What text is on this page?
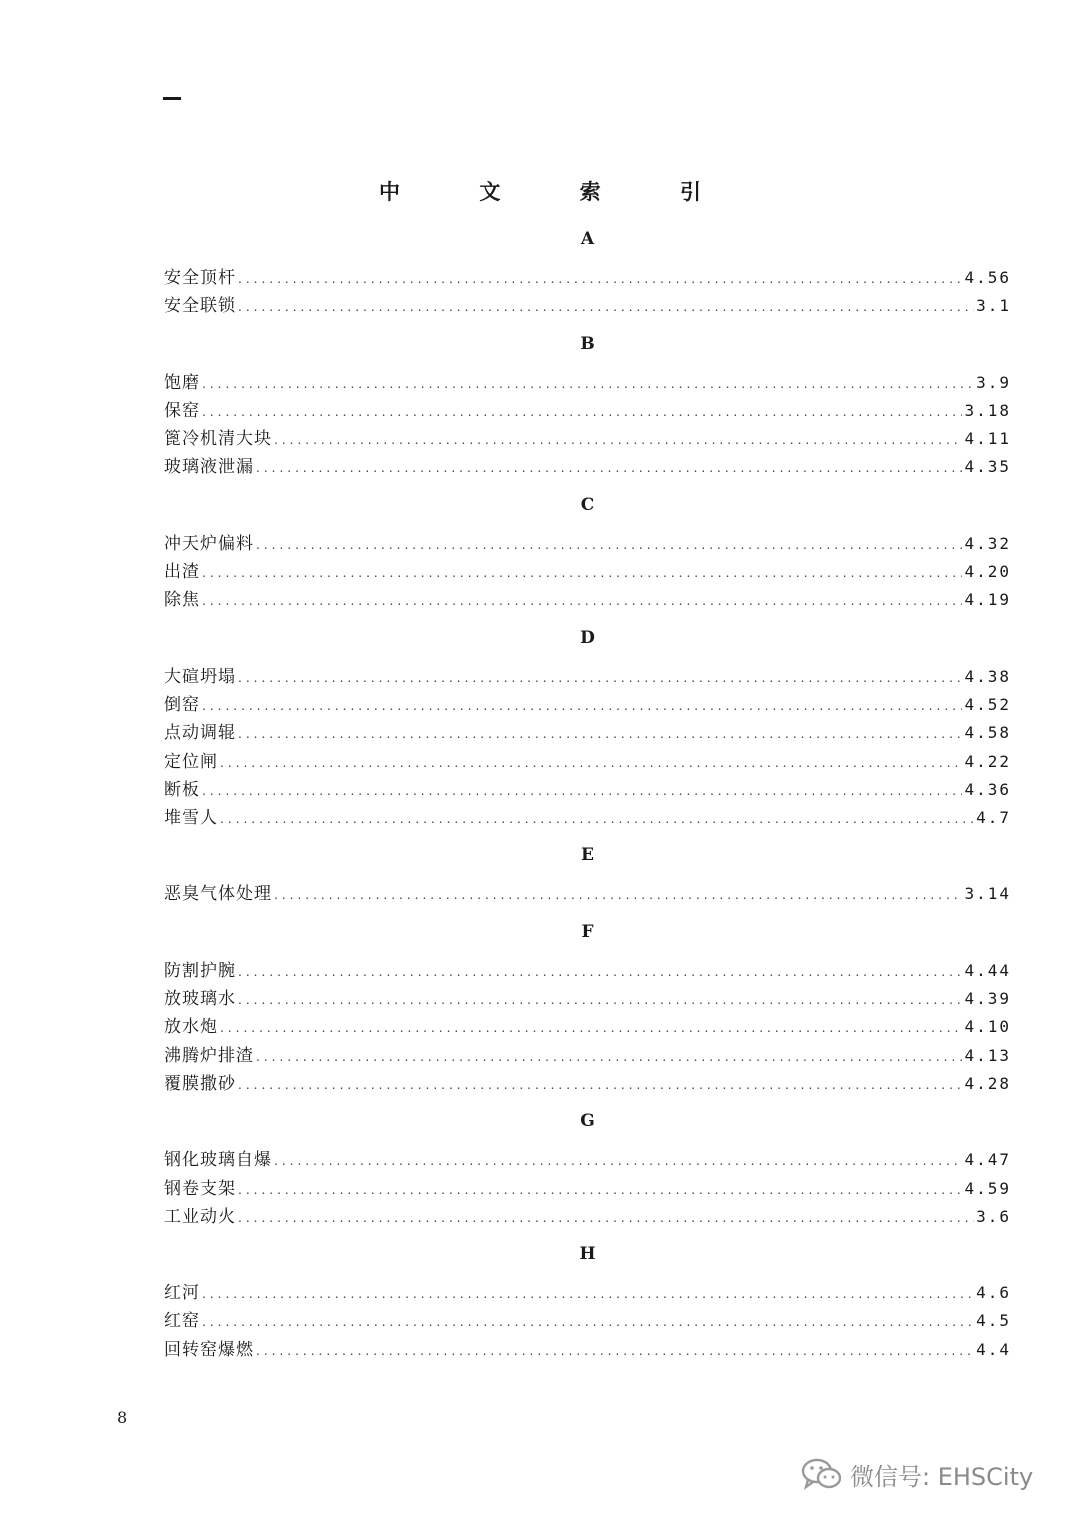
中 文 索 引
A
安全顶杆 .....	4.56
安全联锁 .....	3.1
B
饱磨 .....	3.9
保窑 .....	3.18
篦冷机清大块 .....	4.11
玻璃液泄漏 .....	4.35
C
冲天炉偏料 .....	4.32
出渣 .....	4.20
除焦 .....	4.19
D
大碹坍塌 .....	4.38
倒窑 .....	4.52
点动调辊 .....	4.58
定位闸 .....	4.22
断板 .....	4.36
堆雪人 .....	4.7
E
恶臭气体处理 .....	3.14
F
防割护腕 .....	4.44
放玻璃水 .....	4.39
放水炮 .....	4.10
沸腾炉排渣 .....	4.13
覆膜撒砂 .....	4.28
G
钢化玻璃自爆 .....	4.47
钢卷支架 .....	4.59
工业动火 .....	3.6
H
红河 .....	4.6
红窑 .....	4.5
回转窑爆燃 .....	4.4
8
微信号: EHSCity
